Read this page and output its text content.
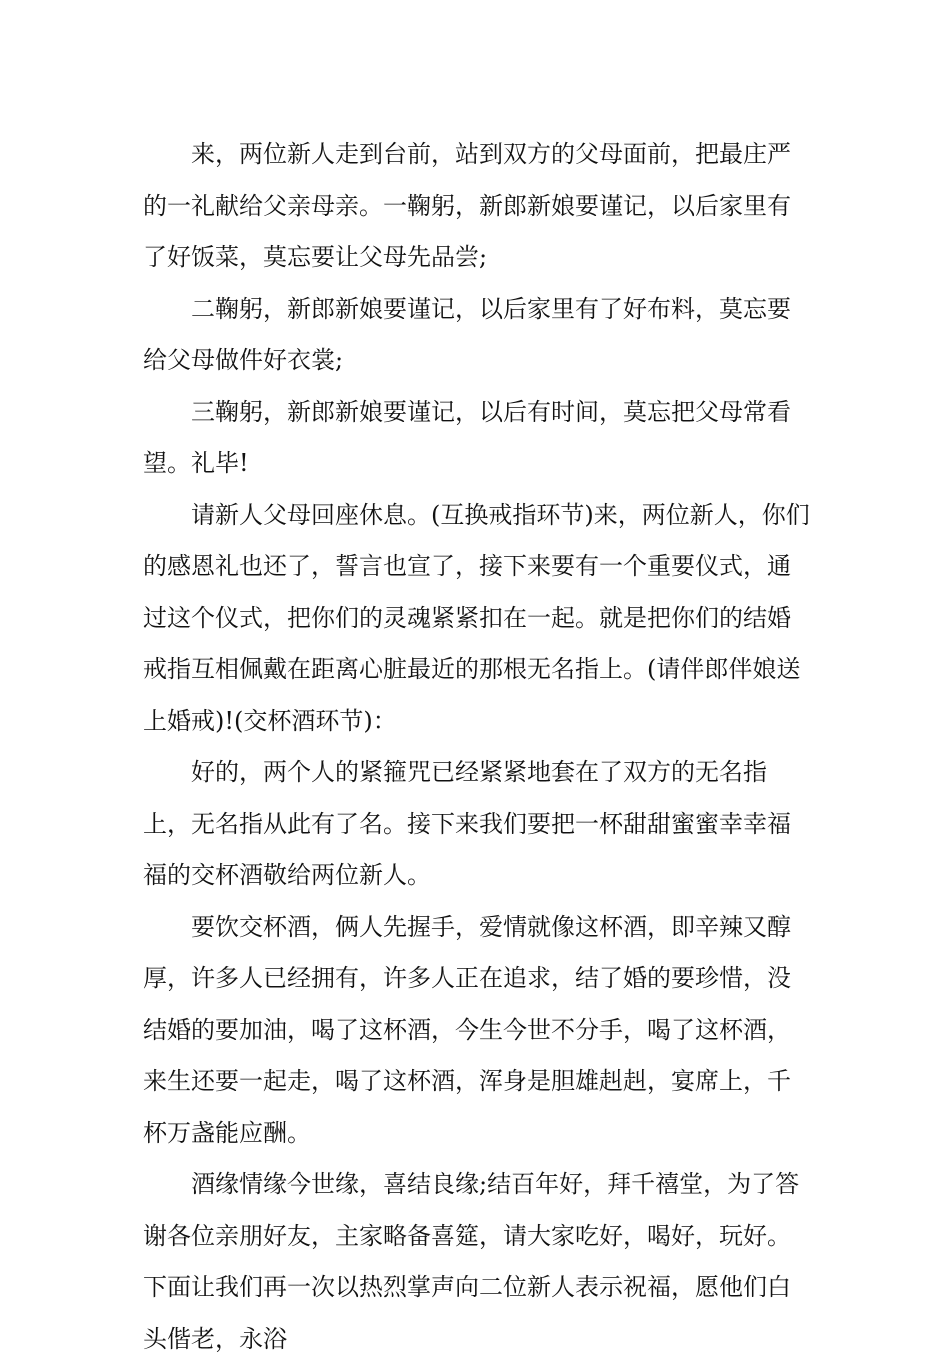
来，两位新人走到台前，站到双方的父母面前，把最庄严的一礼献给父亲母亲。一鞠躬，新郎新娘要谨记，以后家里有了好饭菜，莫忘要让父母先品尝;

二鞠躬，新郎新娘要谨记，以后家里有了好布料，莫忘要给父母做件好衣裳;

三鞠躬，新郎新娘要谨记，以后有时间，莫忘把父母常看望。礼毕!

请新人父母回座休息。(互换戒指环节)来，两位新人，你们的感恩礼也还了，誓言也宣了，接下来要有一个重要仪式，通过这个仪式，把你们的灵魂紧紧扣在一起。就是把你们的结婚戒指互相佩戴在距离心脏最近的那根无名指上。(请伴郎伴娘送上婚戒)!(交杯酒环节)：

好的，两个人的紧箍咒已经紧紧地套在了双方的无名指上，无名指从此有了名。接下来我们要把一杯甜甜蜜蜜幸幸福福的交杯酒敬给两位新人。

要饮交杯酒，俩人先握手，爱情就像这杯酒，即辛辣又醇厚，许多人已经拥有，许多人正在追求，结了婚的要珍惜，没结婚的要加油，喝了这杯酒，今生今世不分手，喝了这杯酒，来生还要一起走，喝了这杯酒，浑身是胆雄赳赳，宴席上，千杯万盏能应酬。

酒缘情缘今世缘，喜结良缘;结百年好，拜千禧堂，为了答谢各位亲朋好友，主家略备喜筵，请大家吃好，喝好，玩好。下面让我们再一次以热烈掌声向二位新人表示祝福，愿他们白头偕老，永浴
